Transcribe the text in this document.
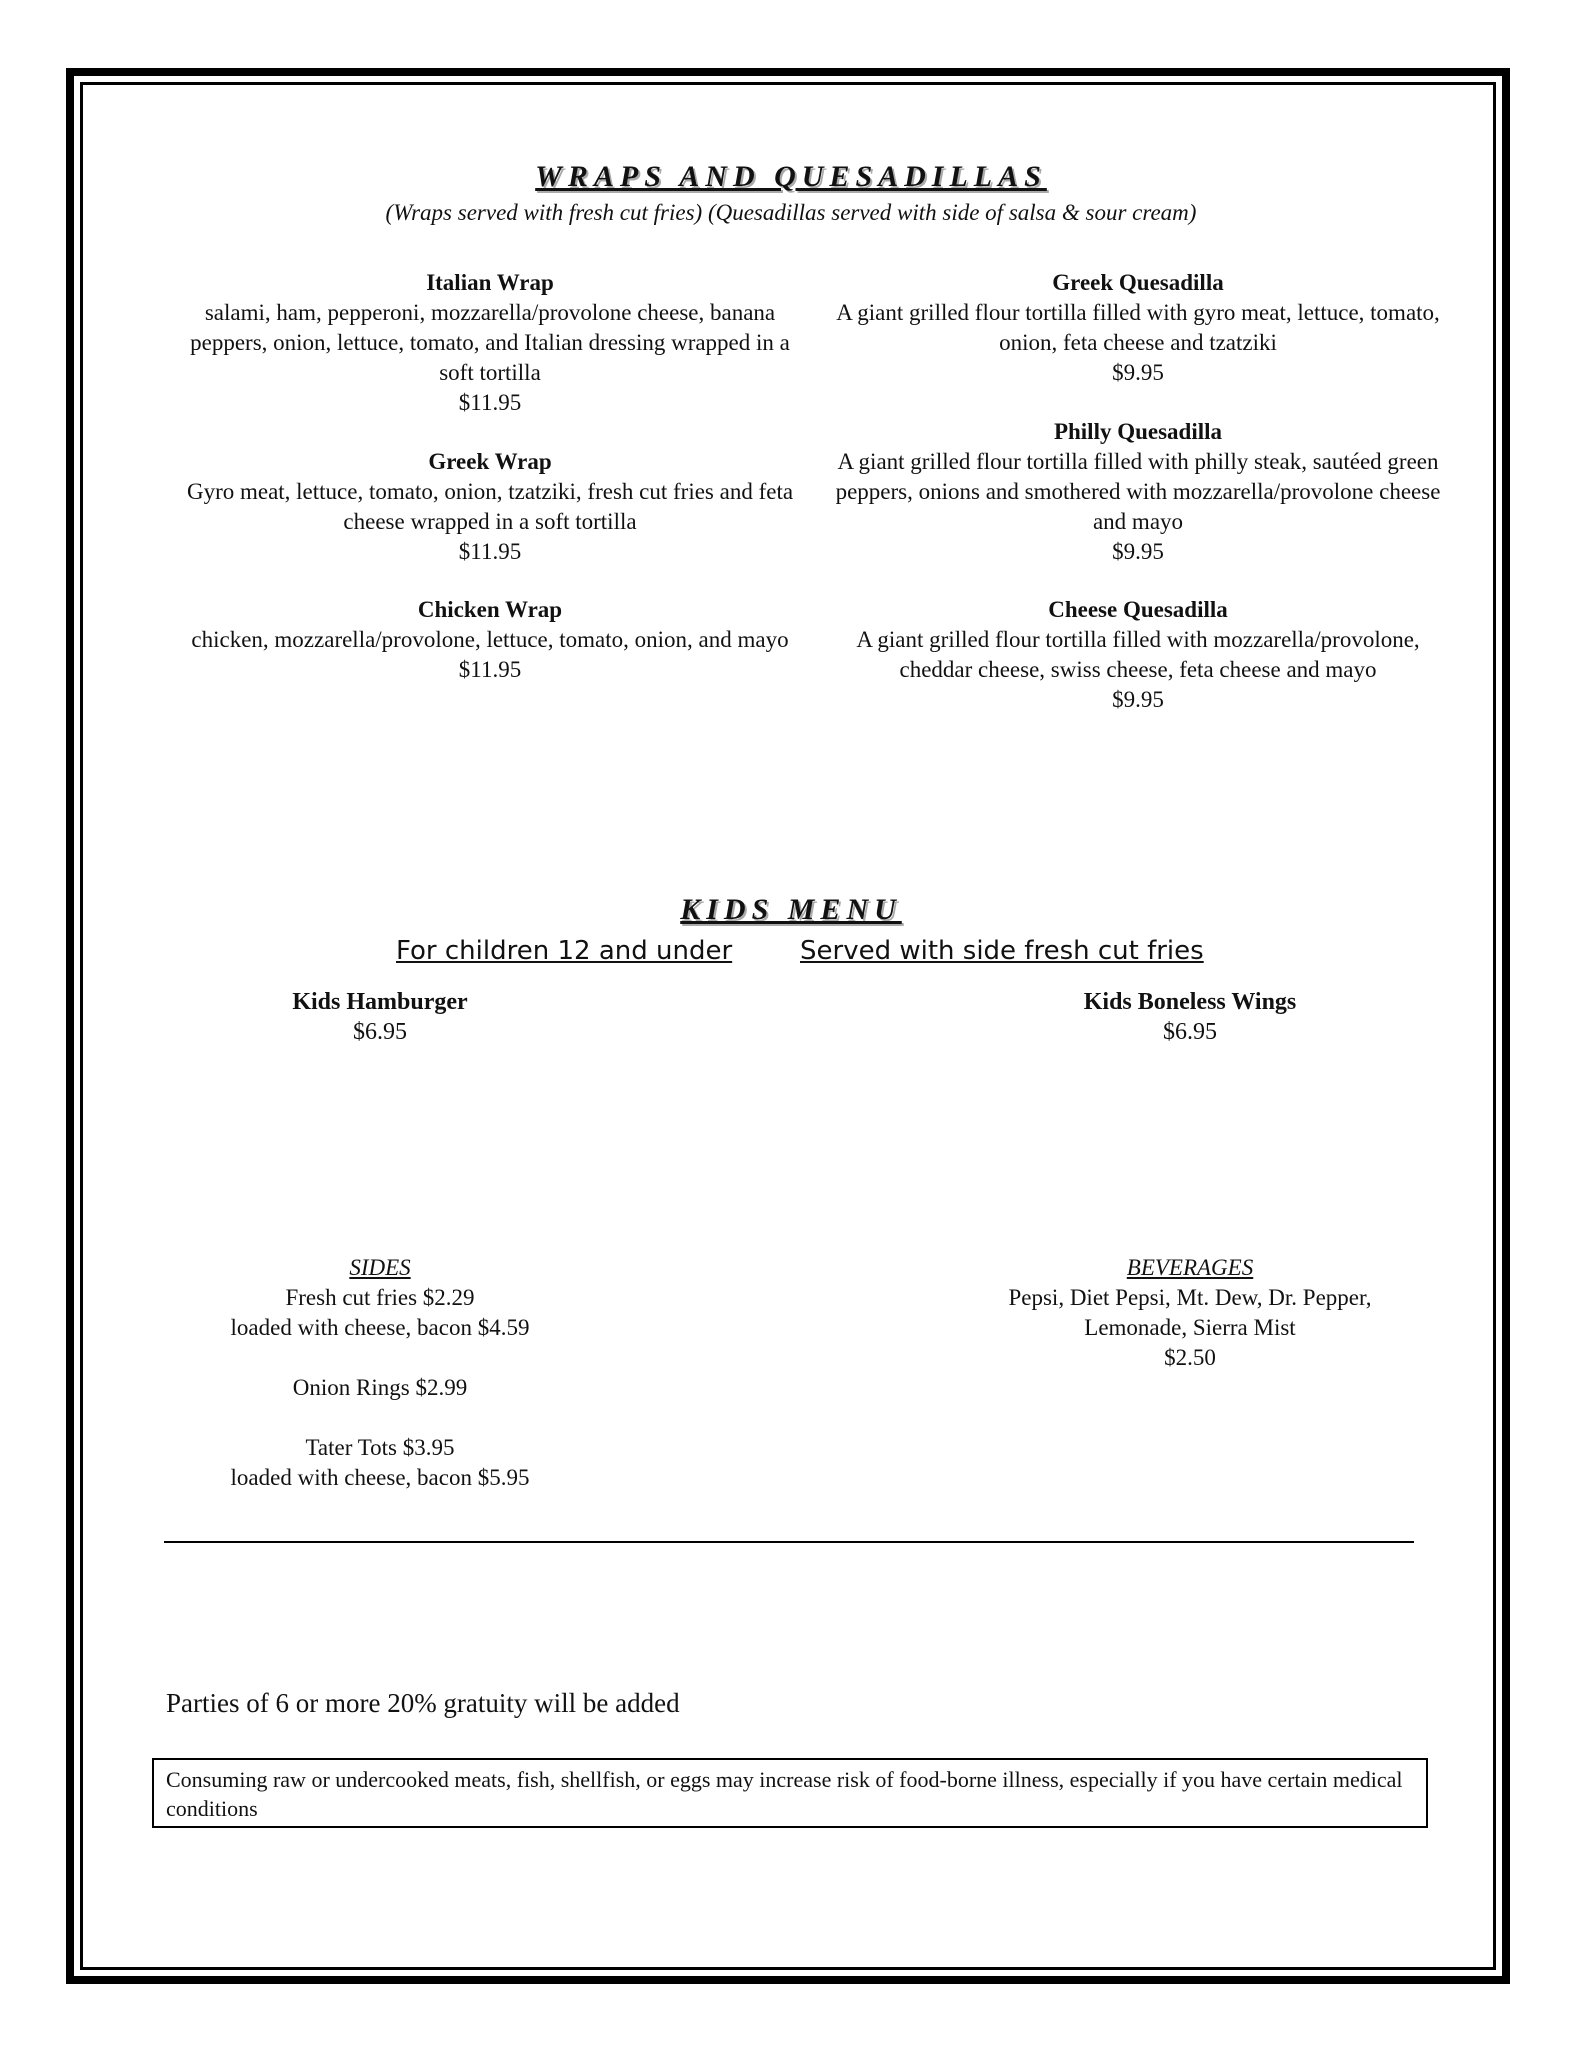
WRAPS AND QUESADILLAS
(Wraps served with fresh cut fries) (Quesadillas served with side of salsa & sour cream)
Italian Wrap
salami, ham, pepperoni, mozzarella/provolone cheese, banana peppers, onion, lettuce, tomato, and Italian dressing wrapped in a soft tortilla
$11.95
Greek Wrap
Gyro meat, lettuce, tomato, onion, tzatziki, fresh cut fries and feta cheese wrapped in a soft tortilla
$11.95
Chicken Wrap
chicken, mozzarella/provolone, lettuce, tomato, onion, and mayo
$11.95
Greek Quesadilla
A giant grilled flour tortilla filled with gyro meat, lettuce, tomato, onion, feta cheese and tzatziki
$9.95
Philly Quesadilla
A giant grilled flour tortilla filled with philly steak, sautéed green peppers, onions and smothered with mozzarella/provolone cheese and mayo
$9.95
Cheese Quesadilla
A giant grilled flour tortilla filled with mozzarella/provolone, cheddar cheese, swiss cheese, feta cheese and mayo
$9.95
KIDS MENU
For children 12 and under	Served with side fresh cut fries
Kids Hamburger
$6.95
Kids Boneless Wings
$6.95
SIDES
Fresh cut fries $2.29
loaded with cheese, bacon $4.59
Onion Rings $2.99
Tater Tots $3.95
loaded with cheese, bacon $5.95
BEVERAGES
Pepsi, Diet Pepsi, Mt. Dew, Dr. Pepper,
Lemonade, Sierra Mist
$2.50
Parties of 6 or more 20% gratuity will be added
Consuming raw or undercooked meats, fish, shellfish, or eggs may increase risk of food-borne illness, especially if you have certain medical conditions
